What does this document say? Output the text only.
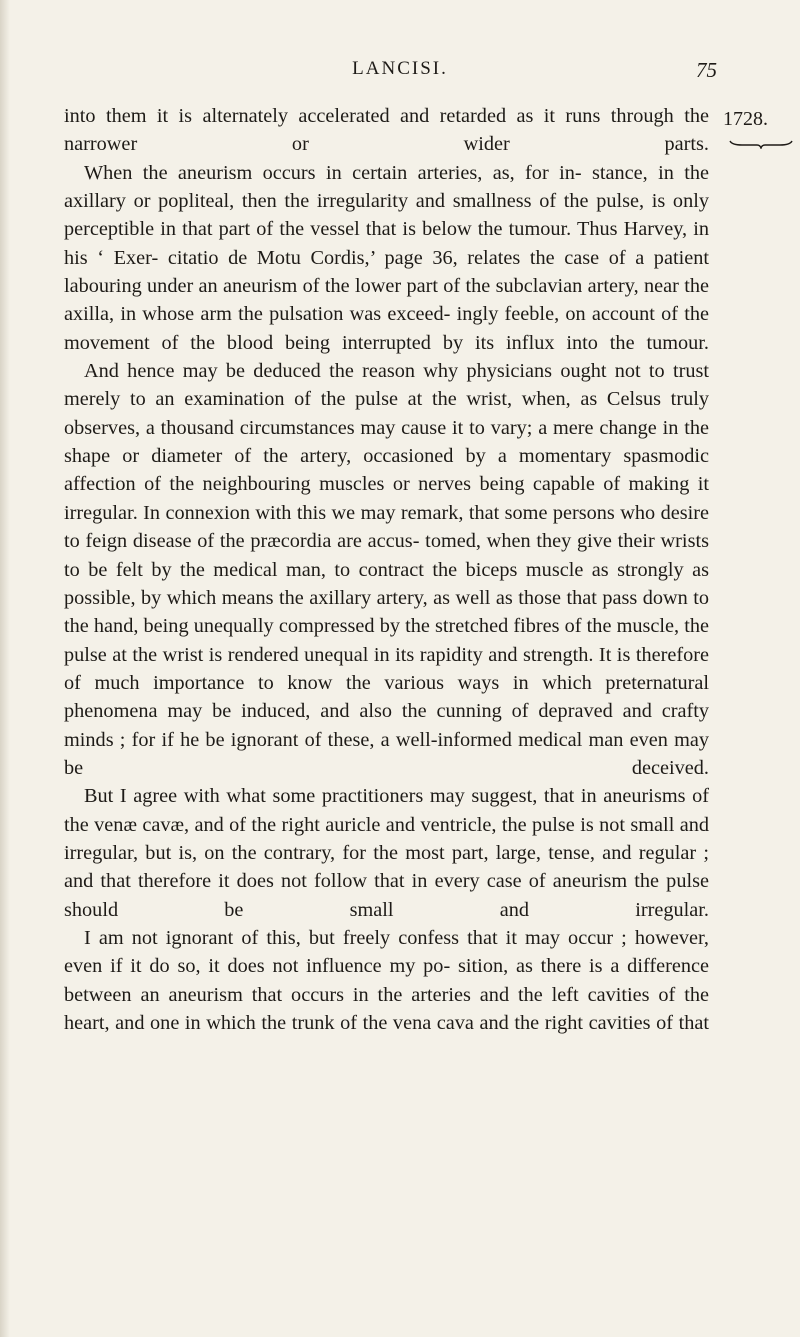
LANCISI.	75
1728.

into them it is alternately accelerated and retarded as it runs through the narrower or wider parts.

When the aneurism occurs in certain arteries, as, for in- stance, in the axillary or popliteal, then the irregularity and smallness of the pulse, is only perceptible in that part of the vessel that is below the tumour. Thus Harvey, in his ‘ Exer- citatio de Motu Cordis,’ page 36, relates the case of a patient labouring under an aneurism of the lower part of the subclavian artery, near the axilla, in whose arm the pulsation was exceed- ingly feeble, on account of the movement of the blood being interrupted by its influx into the tumour.

And hence may be deduced the reason why physicians ought not to trust merely to an examination of the pulse at the wrist, when, as Celsus truly observes, a thousand circumstances may cause it to vary; a mere change in the shape or diameter of the artery, occasioned by a momentary spasmodic affection of the neighbouring muscles or nerves being capable of making it irregular. In connexion with this we may remark, that some persons who desire to feign disease of the præcordia are accus- tomed, when they give their wrists to be felt by the medical man, to contract the biceps muscle as strongly as possible, by which means the axillary artery, as well as those that pass down to the hand, being unequally compressed by the stretched fibres of the muscle, the pulse at the wrist is rendered unequal in its rapidity and strength. It is therefore of much importance to know the various ways in which preternatural phenomena may be induced, and also the cunning of depraved and crafty minds ; for if he be ignorant of these, a well-informed medical man even may be deceived.

But I agree with what some practitioners may suggest, that in aneurisms of the venæ cavæ, and of the right auricle and ventricle, the pulse is not small and irregular, but is, on the contrary, for the most part, large, tense, and regular ; and that therefore it does not follow that in every case of aneurism the pulse should be small and irregular.

I am not ignorant of this, but freely confess that it may occur ; however, even if it do so, it does not influence my po- sition, as there is a difference between an aneurism that occurs in the arteries and the left cavities of the heart, and one in which the trunk of the vena cava and the right cavities of that
